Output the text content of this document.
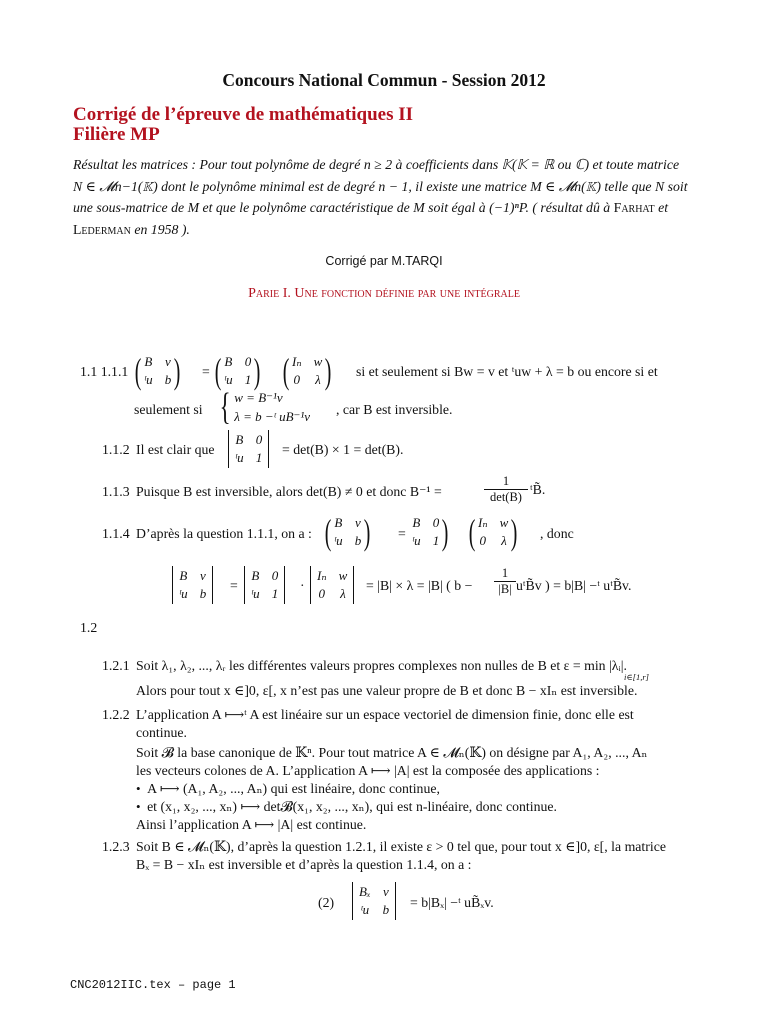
Concours National Commun - Session 2012
Corrigé de l’épreuve de mathématiques II
Filière MP
Résultat les matrices : Pour tout polynôme de degré n ≥ 2 à coefficients dans 𝕂(𝕂 = ℝ ou ℂ) et toute matrice
N ∈ 𝓜n−1(𝕂) dont le polynôme minimal est de degré n − 1, il existe une matrice M ∈ 𝓜n(𝕂) telle que N soit
une sous-matrice de M et que le polynôme caractéristique de M soit égal à (−1)ⁿP. ( résultat dû à Farhat et
Lederman en 1958 ).
Corrigé par M.TARQI
Parie I. Une fonction définie par une intégrale
1.1 1.1.1 ( B v
ᵗu b ) = ( B 0
ᵗu 1 ) ( Iₙ w
0 λ ) si et seulement si Bw = v et ᵗuw + λ = b ou encore si et
seulement si { w = B⁻¹v
λ = b −ᵗ uB⁻¹v , car B est inversible.
1.1.2 Il est clair que
B 0
ᵗu 1
= det(B) × 1 = det(B).
1.1.3 Puisque B est inversible, alors det(B) ≠ 0 et donc B⁻¹ =
1
det(B) ᵗB̃.
1.1.4 D’après la question 1.1.1, on a : ( B v
ᵗu b ) =
B 0
ᵗu 1 ) ( Iₙ w
0 λ ) , donc
B v
ᵗu b
=
B 0
ᵗu 1
·
Iₙ w
0 λ
= |B| × λ = |B| ( b −
1
|B| uᵗB̃v ) = b|B| −ᵗ uᵗB̃v.
1.2
1.2.1 Soit λ₁, λ₂, ..., λᵣ les différentes valeurs propres complexes non nulles de B et ε = min |λᵢ|.
i∈[1,r]
Alors pour tout x ∈]0, ε[, x n’est pas une valeur propre de B et donc B − xIₙ est inversible.
1.2.2 L’application A ⟼ᵗ A est linéaire sur un espace vectoriel de dimension finie, donc elle est
continue.
Soit 𝓑 la base canonique de 𝕂ⁿ. Pour tout matrice A ∈ 𝓜ₙ(𝕂) on désigne par A₁, A₂, ..., Aₙ
les vecteurs colones de A. L’application A ⟼ |A| est la composée des applications :
•  A ⟼ (A₁, A₂, ..., Aₙ) qui est linéaire, donc continue,
•  et (x₁, x₂, ..., xₙ) ⟼ det𝓑(x₁, x₂, ..., xₙ), qui est n-linéaire, donc continue.
Ainsi l’application A ⟼ |A| est continue.
1.2.3 Soit B ∈ 𝓜ₙ(𝕂), d’après la question 1.2.1, il existe ε > 0 tel que, pour tout x ∈]0, ε[, la matrice
Bₓ = B − xIₙ est inversible et d’après la question 1.1.4, on a :
(2)
Bₓ v
ᵗu b = b|Bₓ| −ᵗ uB̃ₓv.
CNC2012IIC.tex – page 1
